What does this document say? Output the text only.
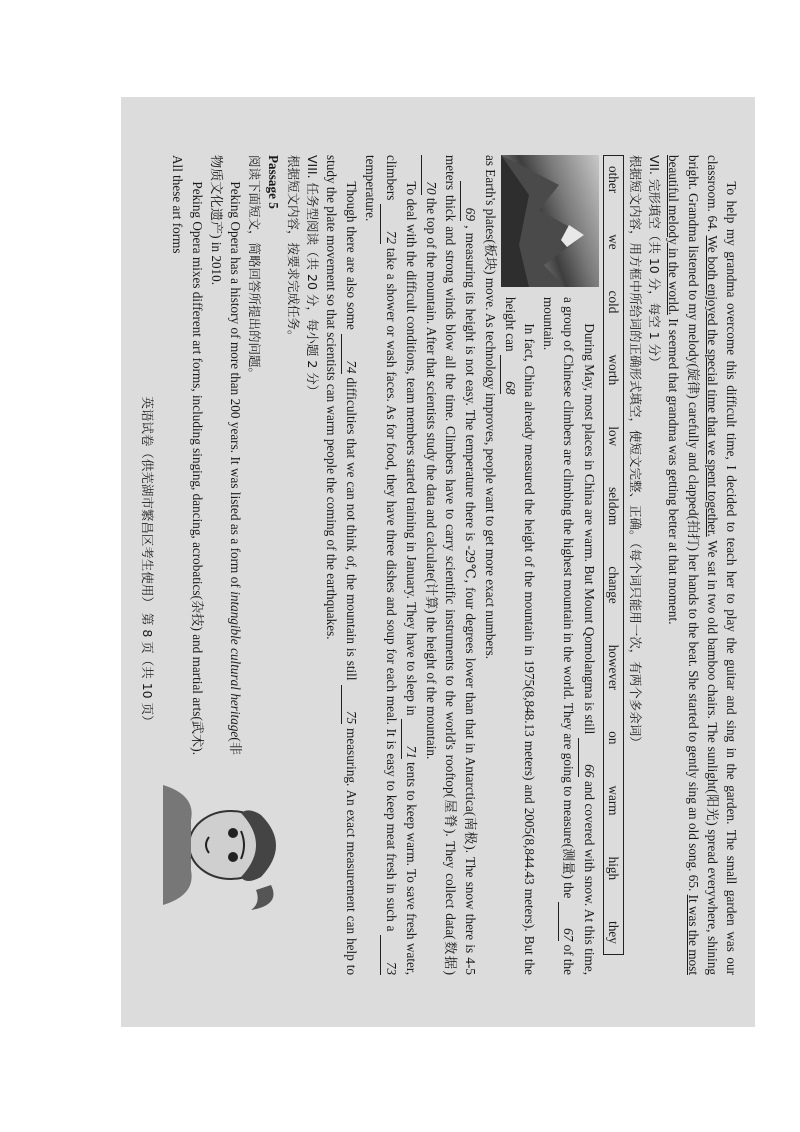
To help my grandma overcome this difficult time, I decided to teach her to play the guitar and sing in the garden. The small garden was our classroom. 64. We both enjoyed the special time that we spent together. We sat in two old bamboo chairs. The sunlight(阳光) spread everywhere, shining bright. Grandma listened to my melody(旋律) carefully and clapped(拍打) her hands to the beat. She started to gently sing an old song. 65. It was the most beautiful melody in the world. It seemed that grandma was getting better at that moment.

VII. 完形填空（共 10 分，每空 1 分）

根据短文内容，用方框中所给词的正确形式填空，使短文完整、正确。（每个词只能用一次，有两个多余词）

other
we
cold
worth
low
seldom
change
however
on
warm
high
they

During May, most places in China are warm. But Mount Qomolangma is still 66 and covered with snow. At this time, a group of Chinese climbers are climbing the highest mountain in the world. They are going to measure(测量) the 67 of the mountain.

In fact, China already measured the height of the mountain in 1975(8,848.13 meters) and 2005(8,844.43 meters). But the height can 68

as Earth's plates(板块) move. As technology improves, people want to get more exact numbers.

69 , measuring its height is not easy. The temperature there is -29℃, four degrees lower than that in Antarctica(南极). The snow there is 4-5 meters thick and strong winds blow all the time. Climbers have to carry scientific instruments to the world's rooftop(屋脊). They collect data(数据) 70 the top of the mountain. After that scientists study the data and calculate(计算) the height of the mountain.

To deal with the difficult conditions, team members started training in January. They have to sleep in 71 tents to keep warm. To save fresh water, climbers 72 take a shower or wash faces. As for food, they have three dishes and soup for each meal. It is easy to keep meat fresh in such a 73 temperature.

Though there are also some 74 difficulties that we can not think of, the mountain is still 75 measuring. An exact measurement can help to study the plate movement so that scientists can warm people the coming of the earthquakes.

VIII. 任务型阅读（共 20 分，每小题 2 分）

根据短文内容，按要求完成任务。

Passage 5

阅读下面短文，简略回答所提出的问题。

Peking Opera has a history of more than 200 years. It was listed as a form of intangible cultural heritage(非物质文化遗产) in 2010.

Peking Opera mixes different art forms, including singing, dancing, acrobatics(杂技) and martial arts(武术). All these art forms

英语试卷（供芜湖市繁昌区考生使用） 第 8 页（共 10 页）
